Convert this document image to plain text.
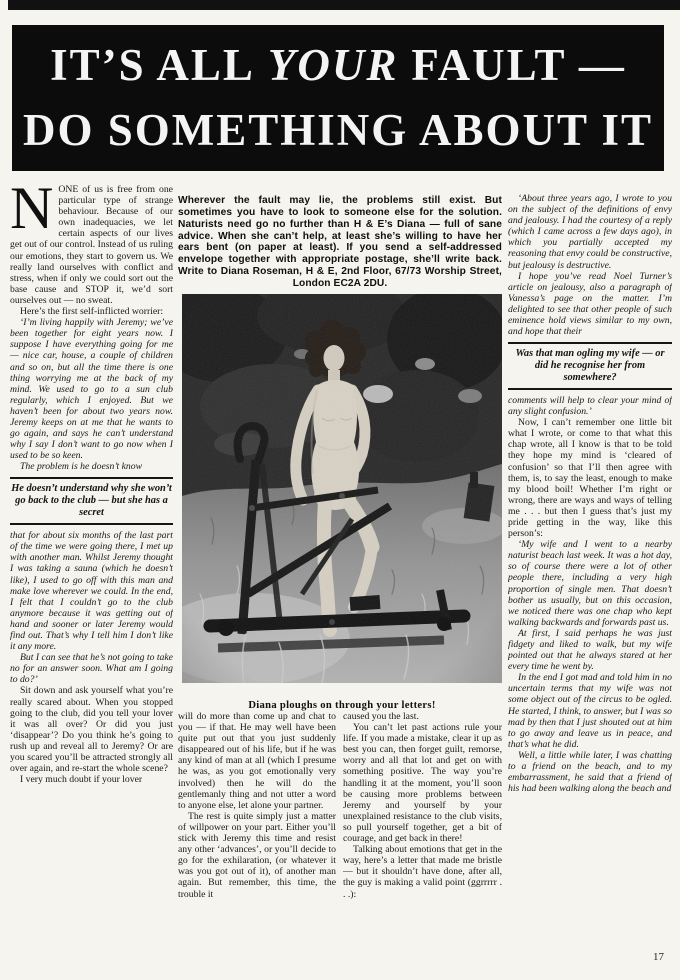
IT’S ALL YOUR FAULT —
DO SOMETHING ABOUT IT

NONE of us is free from one particular type of strange behaviour. Because of our own inadequacies, we let certain aspects of our lives get out of our control. Instead of us ruling our emotions, they start to govern us. We really land ourselves with conflict and stress, when if only we could sort out the base cause and STOP it, we’d sort ourselves out — no sweat.

Here’s the first self-inflicted worrier:

‘I’m living happily with Jeremy; we’ve been together for eight years now. I suppose I have everything going for me — nice car, house, a couple of children and so on, but all the time there is one thing worrying me at the back of my mind. We used to go to a sun club regularly, which I enjoyed. But we haven’t been for about two years now. Jeremy keeps on at me that he wants to go again, and says he can’t understand why I say I don’t want to go now when I used to be so keen.

The problem is he doesn’t know

He doesn’t understand why she won’t go back to the club — but she has a secret

that for about six months of the last part of the time we were going there, I met up with another man. Whilst Jeremy thought I was taking a sauna (which he doesn’t like), I used to go off with this man and make love wherever we could. In the end, I felt that I couldn’t go to the club anymore because it was getting out of hand and sooner or later Jeremy would find out. That’s why I tell him I don’t like it any more.

But I can see that he’s not going to take no for an answer soon. What am I going to do?’

Sit down and ask yourself what you’re really scared about. When you stopped going to the club, did you tell your lover it was all over? Or did you just ‘disappear’? Do you think he’s going to rush up and reveal all to Jeremy? Or are you scared you’ll be attracted strongly all over again, and re-start the whole scene?

I very much doubt if your lover

Wherever the fault may lie, the problems still exist. But sometimes you have to look to someone else for the solution. Naturists need go no further than H & E’s Diana — full of sane advice. When she can’t help, at least she’s willing to have her ears bent (on paper at least). If you send a self-addressed envelope together with appropriate postage, she’ll write back. Write to Diana Roseman, H & E, 2nd Floor, 67/73 Worship Street, London EC2A 2DU.

Diana ploughs on through your letters!

will do more than come up and chat to you — if that. He may well have been quite put out that you just suddenly disappeared out of his life, but if he was any kind of man at all (which I presume he was, as you got emotionally very involved) then he will do the gentlemanly thing and not utter a word to anyone else, let alone your partner.

The rest is quite simply just a matter of willpower on your part. Either you’ll stick with Jeremy this time and resist any other ‘advances’, or you’ll decide to go for the exhilaration, (or whatever it was you got out of it), of another man again. But remember, this time, the trouble it

caused you the last.

You can’t let past actions rule your life. If you made a mistake, clear it up as best you can, then forget guilt, remorse, worry and all that lot and get on with something positive. The way you’re handling it at the moment, you’ll soon be causing more problems between Jeremy and yourself by your unexplained resistance to the club visits, so pull yourself together, get a bit of courage, and get back in there!

Talking about emotions that get in the way, here’s a letter that made me bristle — but it shouldn’t have done, after all, the guy is making a valid point (ggrrrrr . . .):

‘About three years ago, I wrote to you on the subject of the definitions of envy and jealousy. I had the courtesy of a reply (which I came across a few days ago), in which you partially accepted my reasoning that envy could be constructive, but jealousy is destructive.

I hope you’ve read Noel Turner’s article on jealousy, also a paragraph of Vanessa’s page on the matter. I’m delighted to see that other people of such eminence hold views similar to my own, and hope that their

Was that man ogling my wife — or did he recognise her from somewhere?

comments will help to clear your mind of any slight confusion.’

Now, I can’t remember one little bit what I wrote, or come to that what this chap wrote, all I know is that to be told they hope my mind is ‘cleared of confusion’ so that I’ll then agree with them, is, to say the least, enough to make my blood boil! Whether I’m right or wrong, there are ways and ways of telling me . . . but then I guess that’s just my pride getting in the way, like this person’s:

‘My wife and I went to a nearby naturist beach last week. It was a hot day, so of course there were a lot of other people there, including a very high proportion of single men. That doesn’t bother us usually, but on this occasion, we noticed there was one chap who kept walking backwards and forwards past us.

At first, I said perhaps he was just fidgety and liked to walk, but my wife pointed out that he always stared at her every time he went by.

In the end I got mad and told him in no uncertain terms that my wife was not some object out of the circus to be ogled. He started, I think, to answer, but I was so mad by then that I just shouted out at him to go away and leave us in peace, and that’s what he did.

Well, a little while later, I was chatting to a friend on the beach, and to my embarrassment, he said that a friend of his had been walking along the beach and

17
